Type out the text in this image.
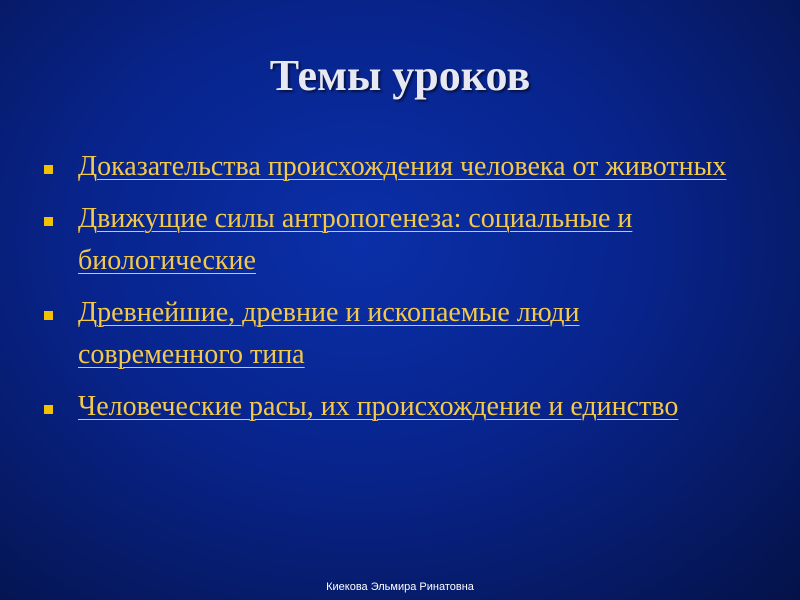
Темы уроков
Доказательства происхождения человека от животных
Движущие силы антропогенеза: социальные и биологические
Древнейшие, древние и ископаемые люди современного типа
Человеческие расы, их происхождение и единство
Киекова Эльмира Ринатовна
